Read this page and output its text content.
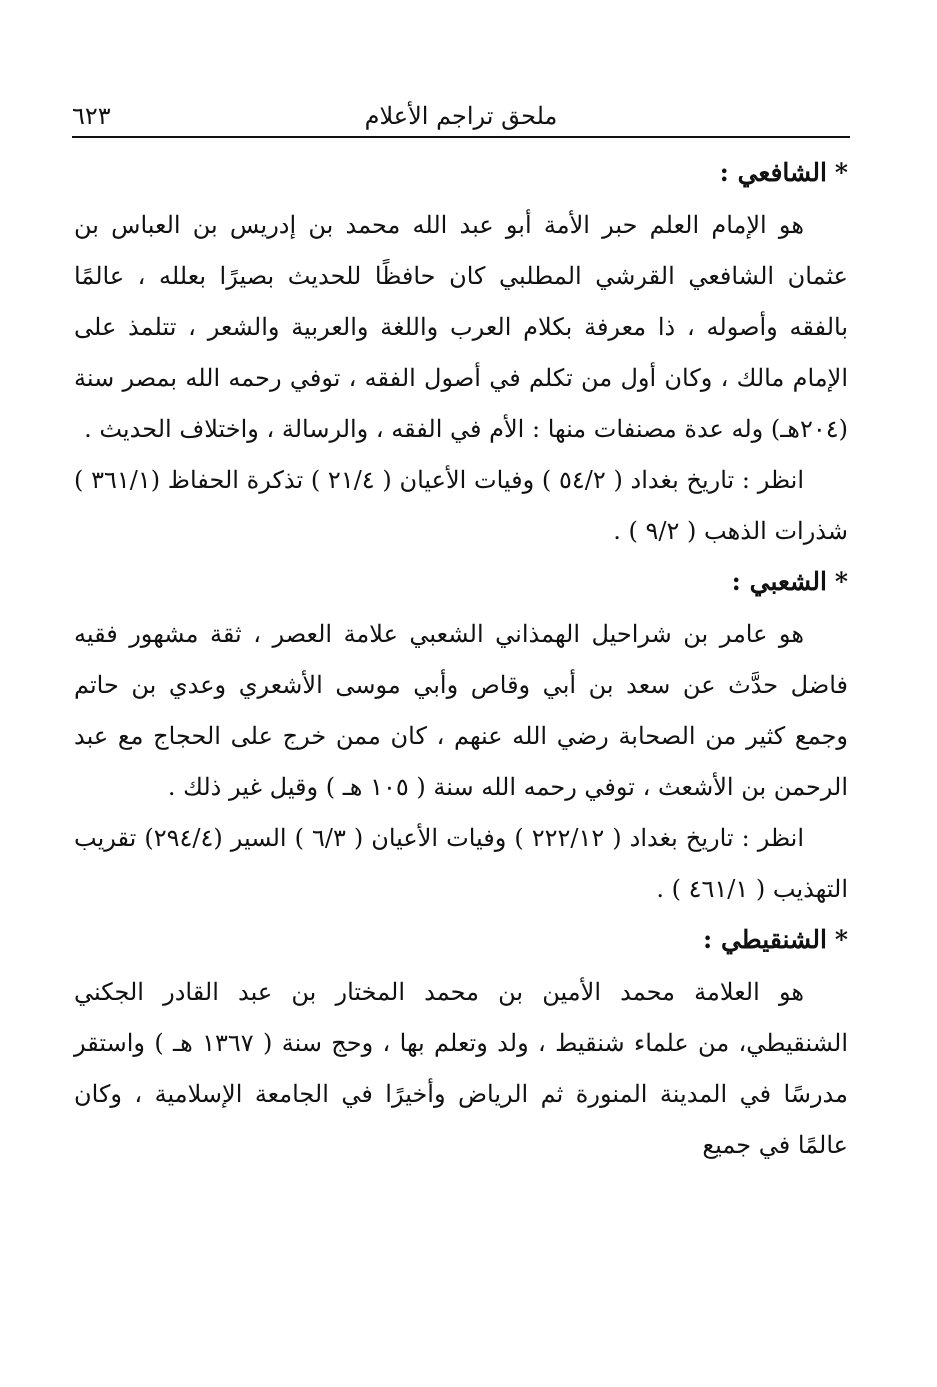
٦٢٣	ملحق تراجم الأعلام
*الشافعي :

هو الإمام العلم حبر الأمة أبو عبد الله محمد بن إدريس بن العباس بن عثمان الشافعي القرشي المطلبي كان حافظًا للحديث بصيرًا بعلله ، عالمًا بالفقه وأصوله ، ذا معرفة بكلام العرب واللغة والعربية والشعر ، تتلمذ على الإمام مالك ، وكان أول من تكلم في أصول الفقه ، توفي رحمه الله بمصر سنة (٢٠٤هـ) وله عدة مصنفات منها : الأم في الفقه ، والرسالة ، واختلاف الحديث .

انظر : تاريخ بغداد ( ٥٤/٢ ) وفيات الأعيان ( ٢١/٤ ) تذكرة الحفاظ (٣٦١/١ ) شذرات الذهب ( ٩/٢ ) .

*الشعبي :

هو عامر بن شراحيل الهمذاني الشعبي علامة العصر ، ثقة مشهور فقيه فاضل حدَّث عن سعد بن أبي وقاص وأبي موسى الأشعري وعدي بن حاتم وجمع كثير من الصحابة رضي الله عنهم ، كان ممن خرج على الحجاج مع عبد الرحمن بن الأشعث ، توفي رحمه الله سنة ( ١٠٥ هـ ) وقيل غير ذلك .

انظر : تاريخ بغداد ( ٢٢٢/١٢ ) وفيات الأعيان ( ٦/٣ ) السير (٢٩٤/٤) تقريب التهذيب ( ٤٦١/١ ) .

*الشنقيطي :

هو العلامة محمد الأمين بن محمد المختار بن عبد القادر الجكني الشنقيطي، من علماء شنقيط ، ولد وتعلم بها ، وحج سنة ( ١٣٦٧ هـ ) واستقر مدرسًا في المدينة المنورة ثم الرياض وأخيرًا في الجامعة الإسلامية ، وكان عالمًا في جميع
